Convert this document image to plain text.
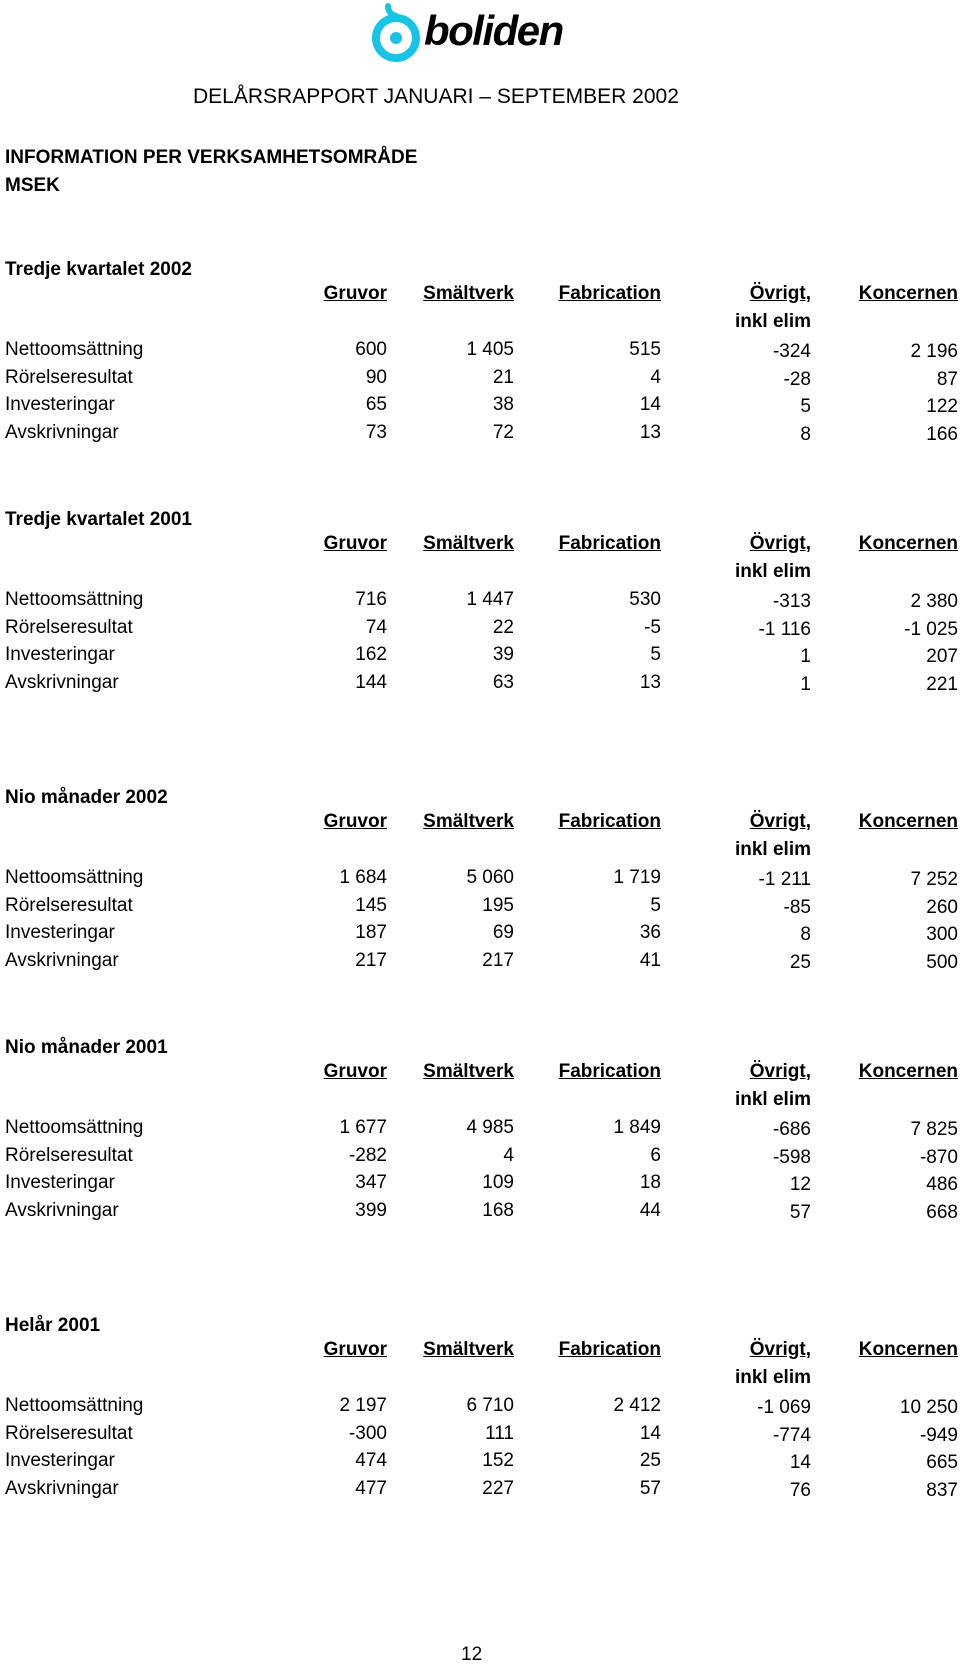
boliden
DELÅRSRAPPORT JANUARI – SEPTEMBER 2002
INFORMATION PER VERKSAMHETSOMRÅDE
MSEK
Tredje kvartalet 2002
Gruvor Smältverk Fabrication	Övrigt,	Koncernen
inkl elim
Nettoomsättning	600	1 405	515	-324	2 196
Rörelseresultat	90	21	4	-28	87
Investeringar	65	38	14	5	122
Avskrivningar	73	72	13	8	166
Tredje kvartalet 2001
Gruvor Smältverk Fabrication	Övrigt,	Koncernen
inkl elim
Nettoomsättning	716	1 447	530	-313	2 380
Rörelseresultat	74	22	-5	-1 116	-1 025
Investeringar	162	39	5	1	207
Avskrivningar	144	63	13	1	221
Nio månader 2002
Gruvor Smältverk Fabrication	Övrigt,	Koncernen
inkl elim
Nettoomsättning	1 684	5 060	1 719	-1 211	7 252
Rörelseresultat	145	195	5	-85	260
Investeringar	187	69	36	8	300
Avskrivningar	217	217	41	25	500
Nio månader 2001
Gruvor Smältverk Fabrication	Övrigt,	Koncernen
inkl elim
Nettoomsättning	1 677	4 985	1 849	-686	7 825
Rörelseresultat	-282	4	6	-598	-870
Investeringar	347	109	18	12	486
Avskrivningar	399	168	44	57	668
Helår 2001
Gruvor Smältverk Fabrication	Övrigt,	Koncernen
inkl elim
Nettoomsättning	2 197	6 710	2 412	-1 069	10 250
Rörelseresultat	-300	111	14	-774	-949
Investeringar	474	152	25	14	665
Avskrivningar	477	227	57	76	837
12
